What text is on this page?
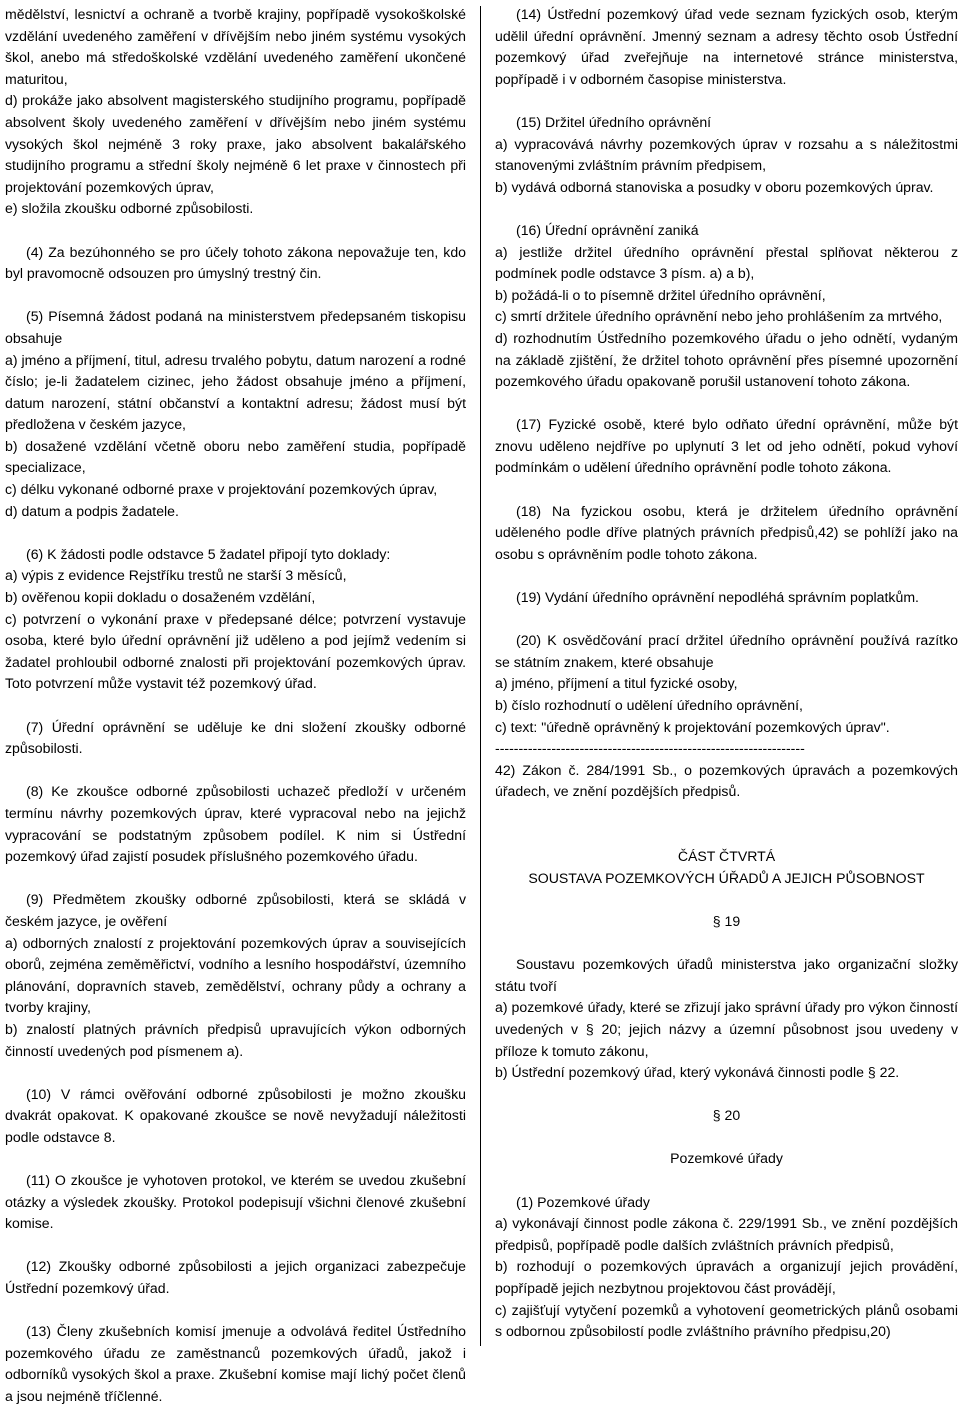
mědělství, lesnictví a ochraně a tvorbě krajiny, popřípadě vysokoškolské vzdělání uvedeného zaměření v dřívějším nebo jiném systému vysokých škol, anebo má středoškolské vzdělání uvedeného zaměření ukončené maturitou,
d) prokáže jako absolvent magisterského studijního programu, popřípadě absolvent školy uvedeného zaměření v dřívějším nebo jiném systému vysokých škol nejméně 3 roky praxe, jako absolvent bakalářského studijního programu a střední školy nejméně 6 let praxe v činnostech při projektování pozemkových úprav,
e) složila zkoušku odborné způsobilosti.
(4) Za bezúhonného se pro účely tohoto zákona nepovažuje ten, kdo byl pravomocně odsouzen pro úmyslný trestný čin.
(5) Písemná žádost podaná na ministerstvem předepsaném tiskopisu obsahuje
a) jméno a příjmení, titul, adresu trvalého pobytu, datum narození a rodné číslo; je-li žadatelem cizinec, jeho žádost obsahuje jméno a příjmení, datum narození, státní občanství a kontaktní adresu; žádost musí být předložena v českém jazyce,
b) dosažené vzdělání včetně oboru nebo zaměření studia, popřípadě specializace,
c) délku vykonané odborné praxe v projektování pozemkových úprav,
d) datum a podpis žadatele.
(6) K žádosti podle odstavce 5 žadatel připojí tyto doklady:
a) výpis z evidence Rejstříku trestů ne starší 3 měsíců,
b) ověřenou kopii dokladu o dosaženém vzdělání,
c) potvrzení o vykonání praxe v předepsané délce; potvrzení vystavuje osoba, které bylo úřední oprávnění již uděleno a pod jejímž vedením si žadatel prohloubil odborné znalosti při projektování pozemkových úprav. Toto potvrzení může vystavit též pozemkový úřad.
(7) Úřední oprávnění se uděluje ke dni složení zkoušky odborné způsobilosti.
(8) Ke zkoušce odborné způsobilosti uchazeč předloží v určeném termínu návrhy pozemkových úprav, které vypracoval nebo na jejichž vypracování se podstatným způsobem podílel. K nim si Ústřední pozemkový úřad zajistí posudek příslušného pozemkového úřadu.
(9) Předmětem zkoušky odborné způsobilosti, která se skládá v českém jazyce, je ověření
a) odborných znalostí z projektování pozemkových úprav a souvisejících oborů, zejména zeměměřictví, vodního a lesního hospodářství, územního plánování, dopravních staveb, zemědělství, ochrany půdy a ochrany a tvorby krajiny,
b) znalostí platných právních předpisů upravujících výkon odborných činností uvedených pod písmenem a).
(10) V rámci ověřování odborné způsobilosti je možno zkoušku dvakrát opakovat. K opakované zkoušce se nově nevyžadují náležitosti podle odstavce 8.
(11) O zkoušce je vyhotoven protokol, ve kterém se uvedou zkušební otázky a výsledek zkoušky. Protokol podepisují všichni členové zkušební komise.
(12) Zkoušky odborné způsobilosti a jejich organizaci zabezpečuje Ústřední pozemkový úřad.
(13) Členy zkušebních komisí jmenuje a odvolává ředitel Ústředního pozemkového úřadu ze zaměstnanců pozemkových úřadů, jakož i odborníků vysokých škol a praxe. Zkušební komise mají lichý počet členů a jsou nejméně tříčlenné.
(14) Ústřední pozemkový úřad vede seznam fyzických osob, kterým udělil úřední oprávnění. Jmenný seznam a adresy těchto osob Ústřední pozemkový úřad zveřejňuje na internetové stránce ministerstva, popřípadě i v odborném časopise ministerstva.
(15) Držitel úředního oprávnění
a) vypracovává návrhy pozemkových úprav v rozsahu a s náležitostmi stanovenými zvláštním právním předpisem,
b) vydává odborná stanoviska a posudky v oboru pozemkových úprav.
(16) Úřední oprávnění zaniká
a) jestliže držitel úředního oprávnění přestal splňovat některou z podmínek podle odstavce 3 písm. a) a b),
b) požádá-li o to písemně držitel úředního oprávnění,
c) smrtí držitele úředního oprávnění nebo jeho prohlášením za mrtvého,
d) rozhodnutím Ústředního pozemkového úřadu o jeho odnětí, vydaným na základě zjištění, že držitel tohoto oprávnění přes písemné upozornění pozemkového úřadu opakovaně porušil ustanovení tohoto zákona.
(17) Fyzické osobě, které bylo odňato úřední oprávnění, může být znovu uděleno nejdříve po uplynutí 3 let od jeho odnětí, pokud vyhoví podmínkám o udělení úředního oprávnění podle tohoto zákona.
(18) Na fyzickou osobu, která je držitelem úředního oprávnění uděleného podle dříve platných právních předpisů,42) se pohlíží jako na osobu s oprávněním podle tohoto zákona.
(19) Vydání úředního oprávnění nepodléhá správním poplatkům.
(20) K osvědčování prací držitel úředního oprávnění používá razítko se státním znakem, které obsahuje
a) jméno, příjmení a titul fyzické osoby,
b) číslo rozhodnutí o udělení úředního oprávnění,
c) text: "úředně oprávněný k projektování pozemkových úprav".
------------------------------------------------------------------
42) Zákon č. 284/1991 Sb., o pozemkových úpravách a pozemkových úřadech, ve znění pozdějších předpisů.
ČÁST ČTVRTÁ
SOUSTAVA POZEMKOVÝCH ÚŘADŮ A JEJICH PŮSOBNOST
§ 19
Soustavu pozemkových úřadů ministerstva jako organizační složky státu tvoří
a) pozemkové úřady, které se zřizují jako správní úřady pro výkon činností uvedených v § 20; jejich názvy a územní působnost jsou uvedeny v příloze k tomuto zákonu,
b) Ústřední pozemkový úřad, který vykonává činnosti podle § 22.
§ 20
Pozemkové úřady
(1) Pozemkové úřady
a) vykonávají činnost podle zákona č. 229/1991 Sb., ve znění pozdějších předpisů, popřípadě podle dalších zvláštních právních předpisů,
b) rozhodují o pozemkových úpravách a organizují jejich provádění, popřípadě jejich nezbytnou projektovou část provádějí,
c) zajišťují vytyčení pozemků a vyhotovení geometrických plánů osobami s odbornou způsobilostí podle zvláštního právního předpisu,20)
